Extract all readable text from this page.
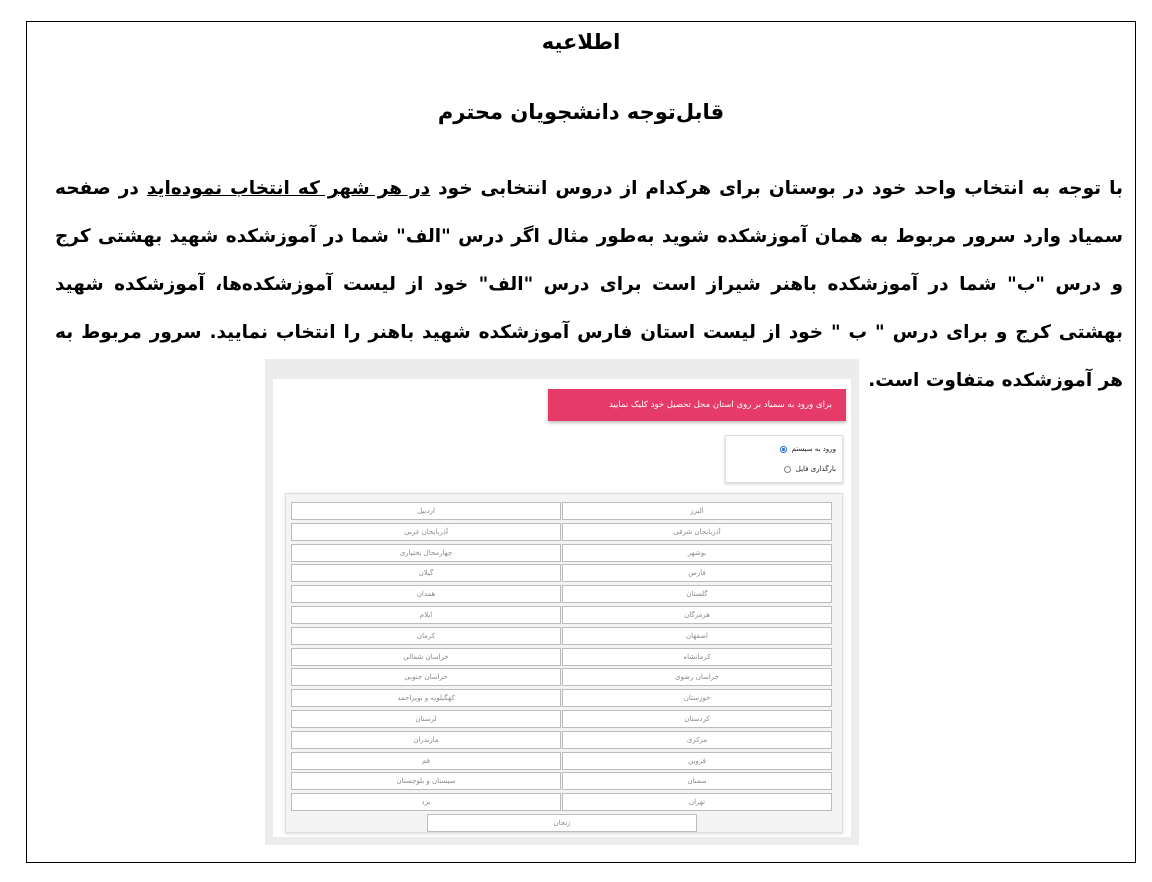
اطلاعیه
قابل‌توجه دانشجویان محترم
با توجه به انتخاب واحد خود در بوستان برای هرکدام از دروس انتخابی خود در هر شهر که انتخاب نموده‌اید در صفحه سمیاد وارد سرور مربوط به همان آموزشکده شوید به‌طور مثال اگر درس "الف" شما در آموزشکده شهید بهشتی کرج و درس "ب" شما در آموزشکده باهنر شیراز است برای درس "الف" خود از لیست آموزشکده‌ها، آموزشکده شهید بهشتی کرج و برای درس " ب " خود از لیست استان فارس آموزشکده شهید باهنر را انتخاب نمایید. سرور مربوط به هر آموزشکده متفاوت است.
برای ورود به سمیاد بر روی استان محل تحصیل خود کلیک نمایید
ورود به سیستم
بارگذاری فایل
البرز
آذربایجان شرقی
بوشهر
فارس
گلستان
هرمزگان
اصفهان
کرمانشاه
خراسان رضوی
خوزستان
کردستان
مرکزی
قزوین
سمنان
تهران
اردبیل
آذربایجان غربی
چهارمحال بختیاری
گیلان
همدان
ایلام
کرمان
خراسان شمالی
خراسان جنوبی
کهگیلویه و بویراحمد
لرستان
مازندران
قم
سیستان و بلوچستان
یزد
زنجان
